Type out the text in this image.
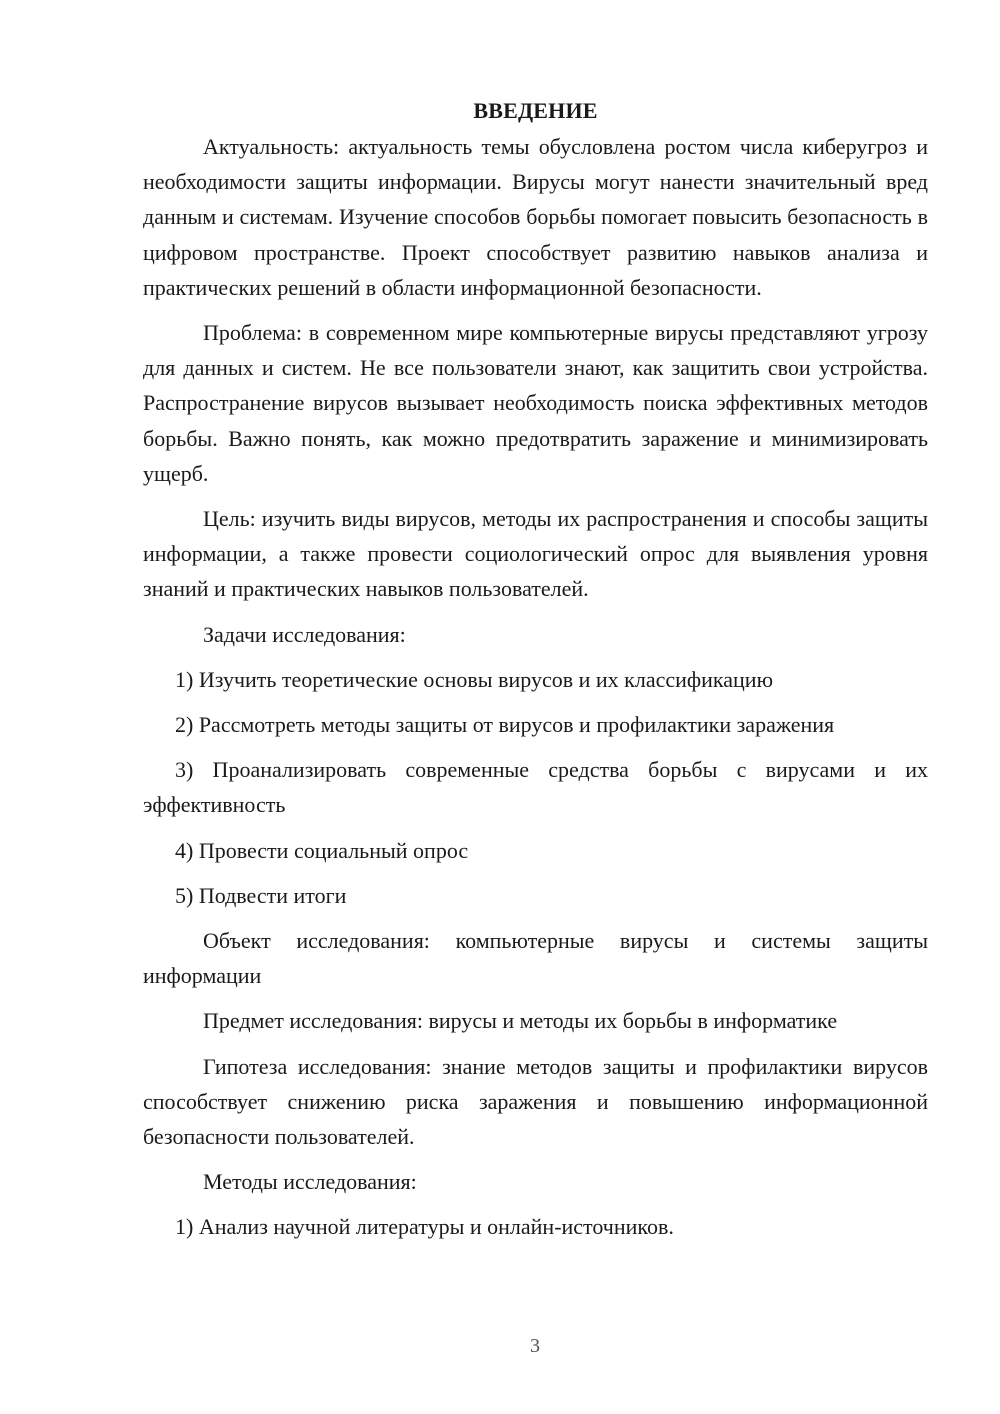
ВВЕДЕНИЕ

Актуальность: актуальность темы обусловлена ростом числа киберугроз и необходимости защиты информации. Вирусы могут нанести значительный вред данным и системам. Изучение способов борьбы помогает повысить безопасность в цифровом пространстве. Проект способствует развитию навыков анализа и практических решений в области информационной безопасности.

Проблема: в современном мире компьютерные вирусы представляют угрозу для данных и систем. Не все пользователи знают, как защитить свои устройства. Распространение вирусов вызывает необходимость поиска эффективных методов борьбы. Важно понять, как можно предотвратить заражение и минимизировать ущерб.

Цель: изучить виды вирусов, методы их распространения и способы защиты информации, а также провести социологический опрос для выявления уровня знаний и практических навыков пользователей.

Задачи исследования:

1) Изучить теоретические основы вирусов и их классификацию

2) Рассмотреть методы защиты от вирусов и профилактики заражения

3) Проанализировать современные средства борьбы с вирусами и их эффективность

4) Провести социальный опрос

5) Подвести итоги

Объект исследования: компьютерные вирусы и системы защиты информации

Предмет исследования: вирусы и методы их борьбы в информатике

Гипотеза исследования: знание методов защиты и профилактики вирусов способствует снижению риска заражения и повышению информационной безопасности пользователей.

Методы исследования:

1) Анализ научной литературы и онлайн-источников.

3
